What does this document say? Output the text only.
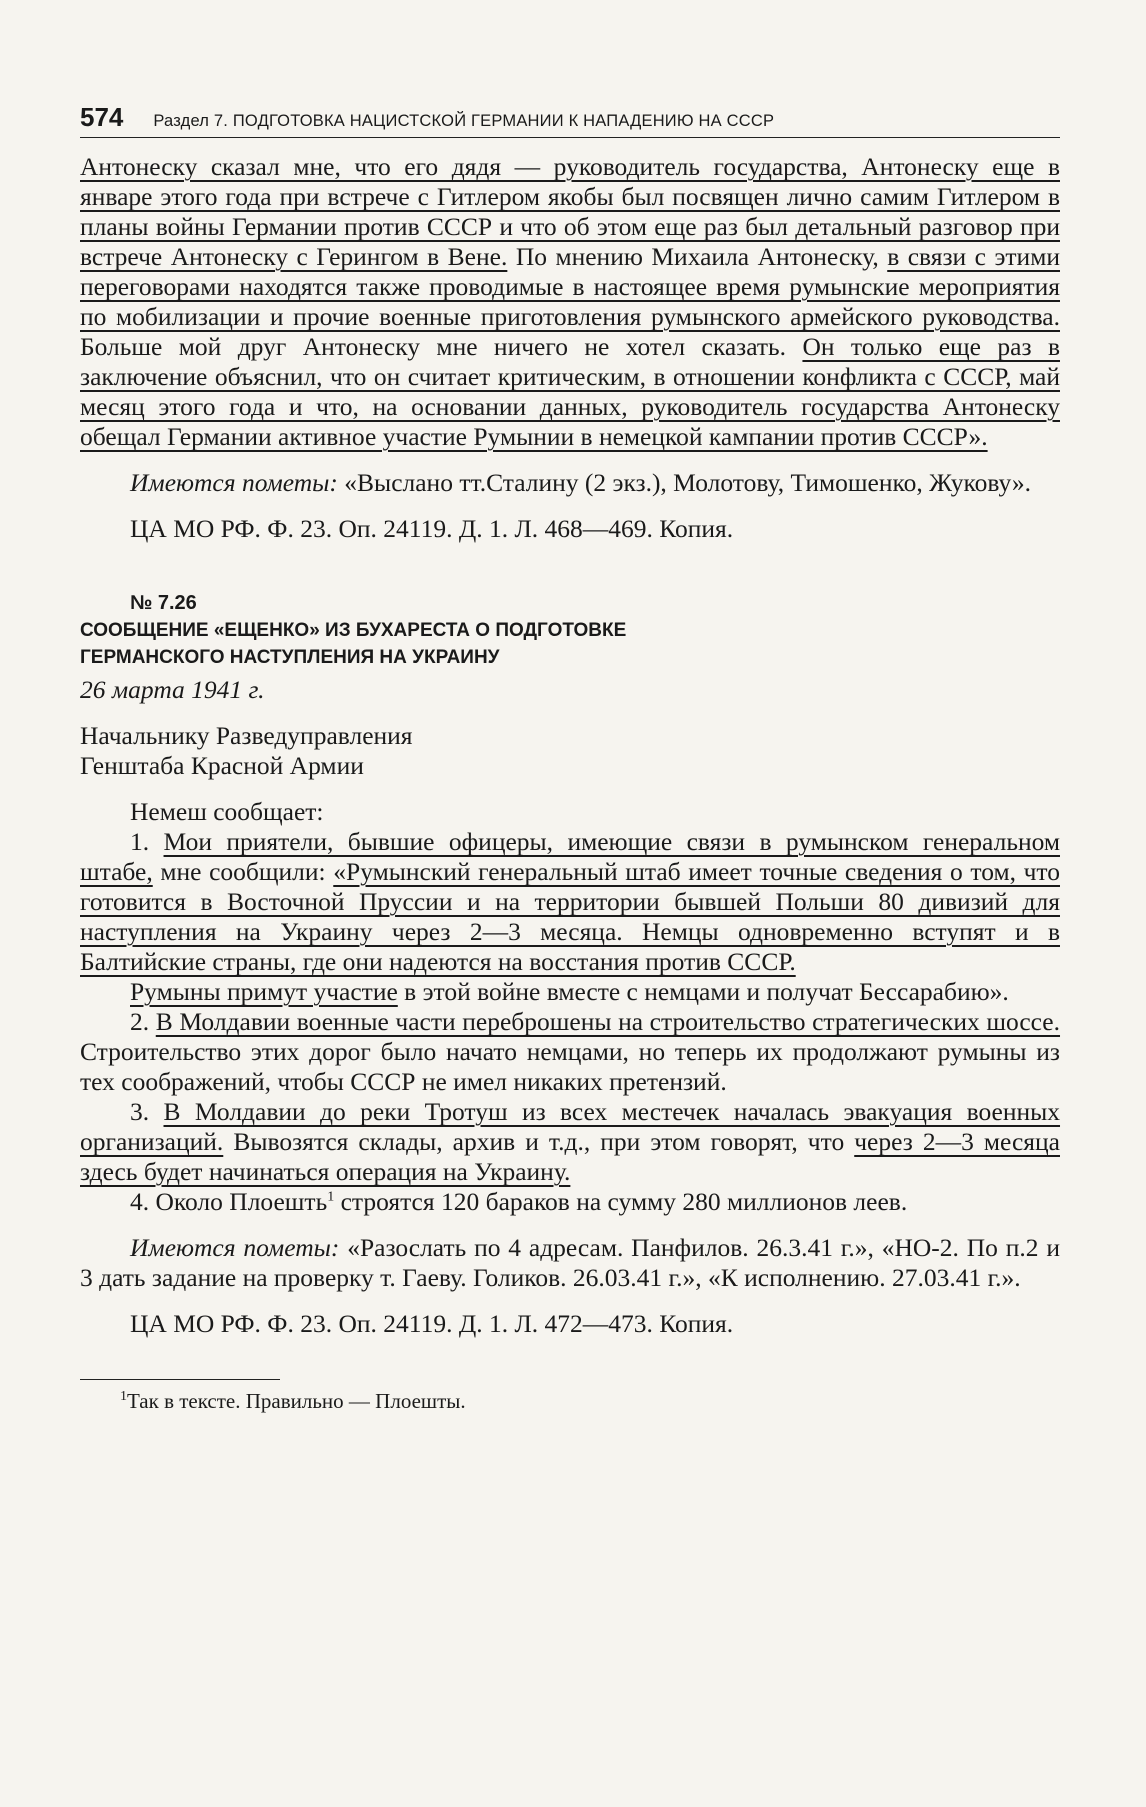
574 Раздел 7. ПОДГОТОВКА НАЦИСТСКОЙ ГЕРМАНИИ К НАПАДЕНИЮ НА СССР

Антонеску сказал мне, что его дядя — руководитель государства, Антонеску еще в январе этого года при встрече с Гитлером якобы был посвящен лично самим Гитлером в планы войны Германии против СССР и что об этом еще раз был детальный разговор при встрече Антонеску с Герингом в Вене. По мнению Михаила Антонеску, в связи с этими переговорами находятся также проводимые в настоящее время румынские мероприятия по мобилизации и прочие военные приготовления румынского армейского руководства. Больше мой друг Антонеску мне ничего не хотел сказать. Он только еще раз в заключение объяснил, что он считает критическим, в отношении конфликта с СССР, май месяц этого года и что, на основании данных, руководитель государства Антонеску обещал Германии активное участие Румынии в немецкой кампании против СССР».

Имеются пометы: «Выслано тт.Сталину (2 экз.), Молотову, Тимошенко, Жукову».

ЦА МО РФ. Ф. 23. Оп. 24119. Д. 1. Л. 468—469. Копия.

№ 7.26

СООБЩЕНИЕ «ЕЩЕНКО» ИЗ БУХАРЕСТА О ПОДГОТОВКЕ

ГЕРМАНСКОГО НАСТУПЛЕНИЯ НА УКРАИНУ

26 марта 1941 г.

Начальнику Разведуправления

Генштаба Красной Армии

Немеш сообщает:

1. Мои приятели, бывшие офицеры, имеющие связи в румынском генеральном штабе, мне сообщили: «Румынский генеральный штаб имеет точные сведения о том, что готовится в Восточной Пруссии и на территории бывшей Польши 80 дивизий для наступления на Украину через 2—3 месяца. Немцы одновременно вступят и в Балтийские страны, где они надеются на восстания против СССР.

Румыны примут участие в этой войне вместе с немцами и получат Бессарабию».

2. В Молдавии военные части переброшены на строительство стратегических шоссе. Строительство этих дорог было начато немцами, но теперь их продолжают румыны из тех соображений, чтобы СССР не имел никаких претензий.

3. В Молдавии до реки Тротуш из всех местечек началась эвакуация военных организаций. Вывозятся склады, архив и т.д., при этом говорят, что через 2—3 месяца здесь будет начинаться операция на Украину.

4. Около Плоешть$^1$ строятся 120 бараков на сумму 280 миллионов леев.

Имеются пометы: «Разослать по 4 адресам. Панфилов. 26.3.41 г.», «НО-2. По п.2 и 3 дать задание на проверку т. Гаеву. Голиков. 26.03.41 г.», «К исполнению. 27.03.41 г.».

ЦА МО РФ. Ф. 23. Оп. 24119. Д. 1. Л. 472—473. Копия.

$^1$Так в тексте. Правильно — Плоешты.
